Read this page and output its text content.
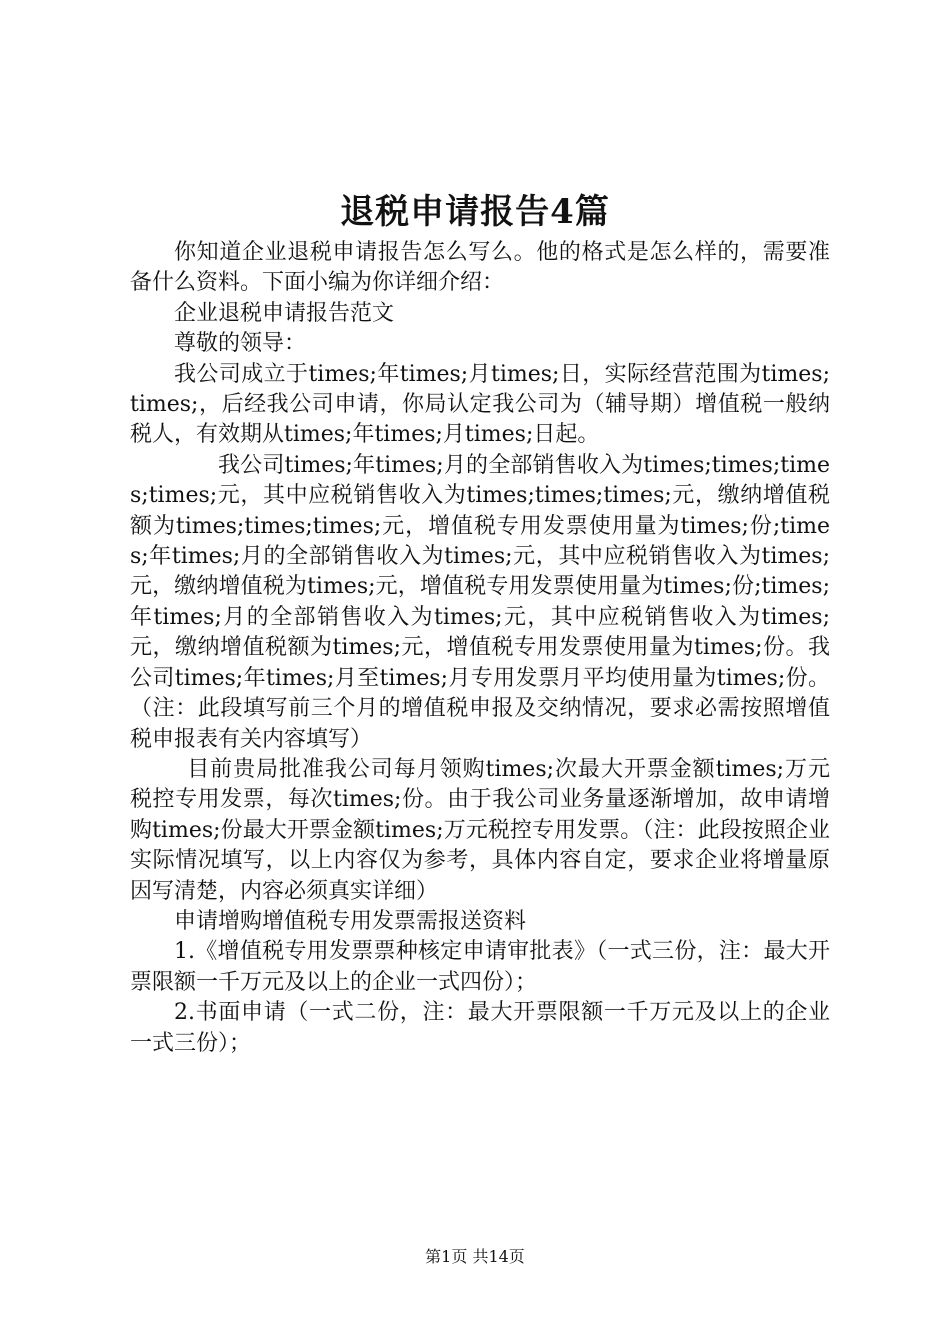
退税申请报告4篇

你知道企业退税申请报告怎么写么。他的格式是怎么样的，需要准备什么资料。下面小编为你详细介绍：

企业退税申请报告范文

尊敬的领导：

我公司成立于times;年times;月times;日，实际经营范围为times;times;，后经我公司申请，你局认定我公司为（辅导期）增值税一般纳税人，有效期从times;年times;月times;日起。

我公司times;年times;月的全部销售收入为times;times;times;times;元，其中应税销售收入为times;times;times;元，缴纳增值税额为times;times;times;元，增值税专用发票使用量为times;份;times;年times;月的全部销售收入为times;元，其中应税销售收入为times;元，缴纳增值税为times;元，增值税专用发票使用量为times;份;times;年times;月的全部销售收入为times;元，其中应税销售收入为times;元，缴纳增值税额为times;元，增值税专用发票使用量为times;份。我公司times;年times;月至times;月专用发票月平均使用量为times;份。（注：此段填写前三个月的增值税申报及交纳情况，要求必需按照增值税申报表有关内容填写）

目前贵局批准我公司每月领购times;次最大开票金额times;万元税控专用发票，每次times;份。由于我公司业务量逐渐增加，故申请增购times;份最大开票金额times;万元税控专用发票。（注：此段按照企业实际情况填写，以上内容仅为参考，具体内容自定，要求企业将增量原因写清楚，内容必须真实详细）

申请增购增值税专用发票需报送资料

1.《增值税专用发票票种核定申请审批表》（一式三份，注：最大开票限额一千万元及以上的企业一式四份）；

2.书面申请（一式二份，注：最大开票限额一千万元及以上的企业一式三份）；

第1页 共14页
